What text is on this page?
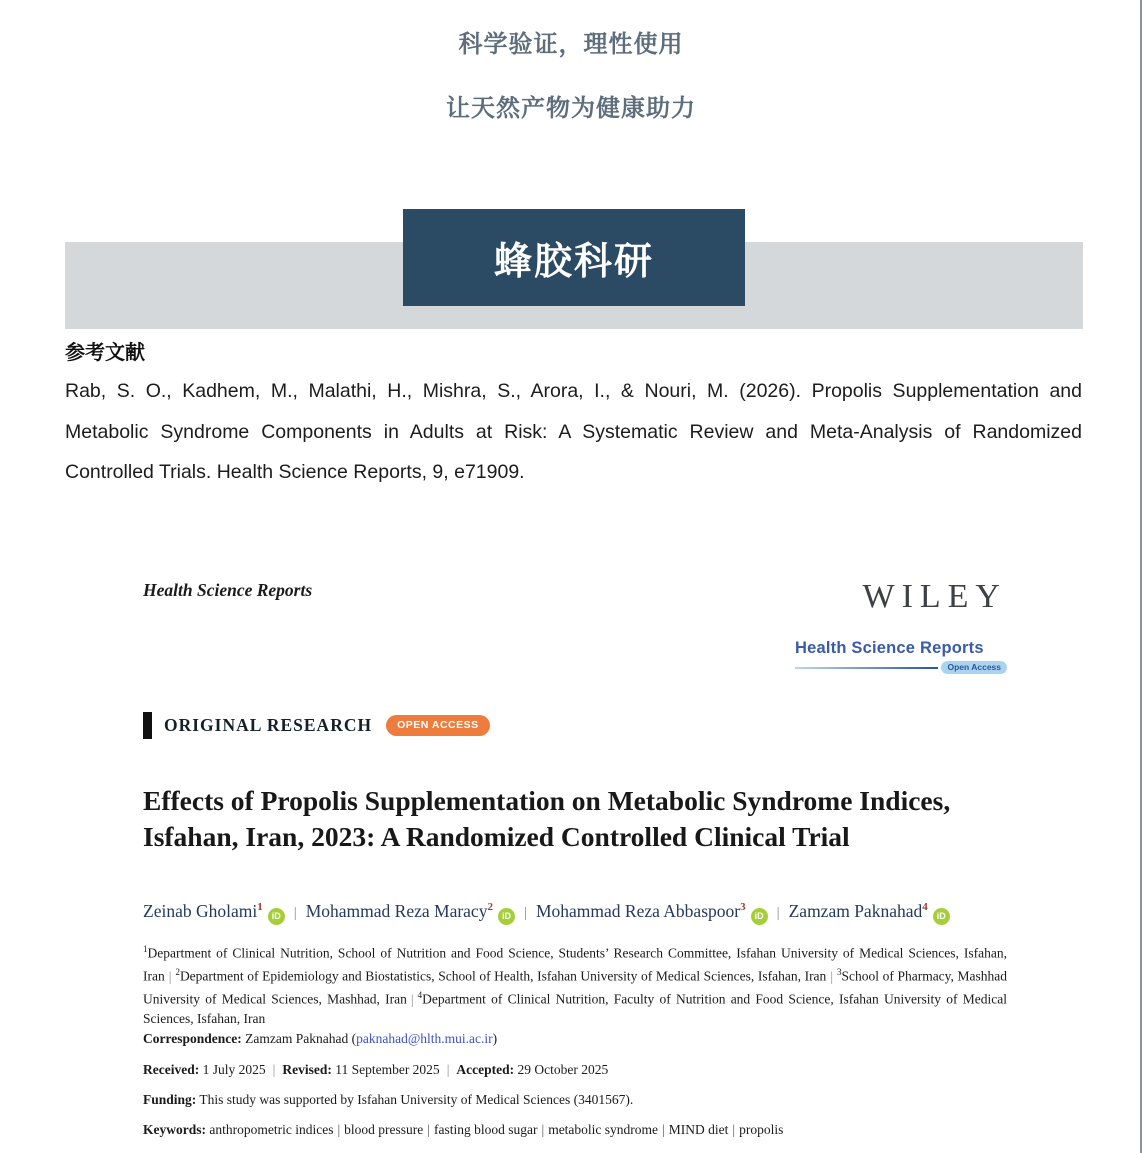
科学验证，理性使用
让天然产物为健康助力
蜂胶科研
参考文献
Rab, S. O., Kadhem, M., Malathi, H., Mishra, S., Arora, I., & Nouri, M. (2026). Propolis Supplementation and Metabolic Syndrome Components in Adults at Risk: A Systematic Review and Meta-Analysis of Randomized Controlled Trials. Health Science Reports, 9, e71909.
Health Science Reports	WILEY
Health Science Reports
Open Access
ORIGINAL RESEARCH	OPEN ACCESS
Effects of Propolis Supplementation on Metabolic Syndrome Indices, Isfahan, Iran, 2023: A Randomized Controlled Clinical Trial
Zeinab Gholami$^1$iD | Mohammad Reza Maracy$^2$iD | Mohammad Reza Abbaspoor$^3$iD | Zamzam Paknahad$^4$iD
$^1$Department of Clinical Nutrition, School of Nutrition and Food Science, Students’ Research Committee, Isfahan University of Medical Sciences, Isfahan, Iran | $^2$Department of Epidemiology and Biostatistics, School of Health, Isfahan University of Medical Sciences, Isfahan, Iran | $^3$School of Pharmacy, Mashhad University of Medical Sciences, Mashhad, Iran | $^4$Department of Clinical Nutrition, Faculty of Nutrition and Food Science, Isfahan University of Medical Sciences, Isfahan, Iran
Correspondence: Zamzam Paknahad (paknahad@hlth.mui.ac.ir)
Received: 1 July 2025 | Revised: 11 September 2025 | Accepted: 29 October 2025
Funding: This study was supported by Isfahan University of Medical Sciences (3401567).
Keywords: anthropometric indices | blood pressure | fasting blood sugar | metabolic syndrome | MIND diet | propolis
